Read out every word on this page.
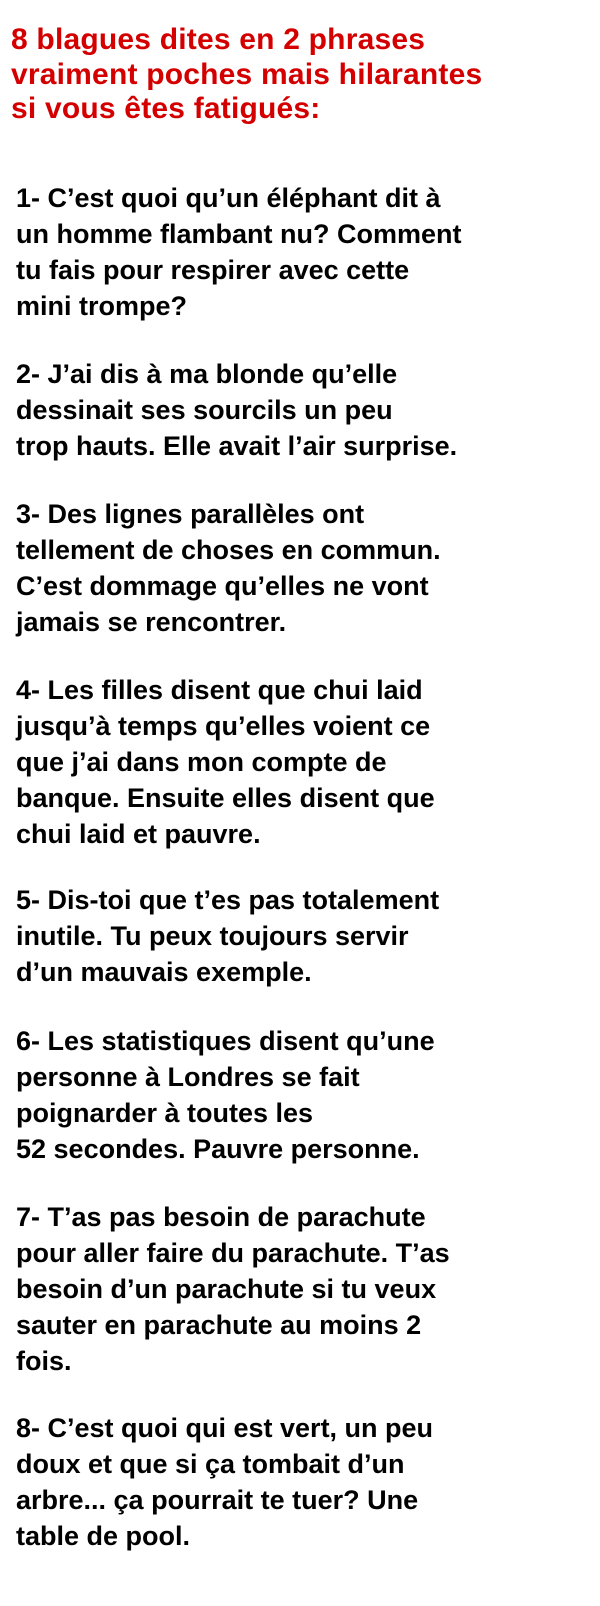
8 blagues dites en 2 phrases
vraiment poches mais hilarantes
si vous êtes fatigués:

1- C’est quoi qu’un éléphant dit à
un homme flambant nu? Comment
tu fais pour respirer avec cette
mini trompe?

2- J’ai dis à ma blonde qu’elle
dessinait ses sourcils un peu
trop hauts. Elle avait l’air surprise.

3- Des lignes parallèles ont
tellement de choses en commun.
C’est dommage qu’elles ne vont
jamais se rencontrer.

4- Les filles disent que chui laid
jusqu’à temps qu’elles voient ce
que j’ai dans mon compte de
banque. Ensuite elles disent que
chui laid et pauvre.

5- Dis-toi que t’es pas totalement
inutile. Tu peux toujours servir
d’un mauvais exemple.

6- Les statistiques disent qu’une
personne à Londres se fait
poignarder à toutes les
52 secondes. Pauvre personne.

7- T’as pas besoin de parachute
pour aller faire du parachute. T’as
besoin d’un parachute si tu veux
sauter en parachute au moins 2
fois.

8- C’est quoi qui est vert, un peu
doux et que si ça tombait d’un
arbre... ça pourrait te tuer? Une
table de pool.
